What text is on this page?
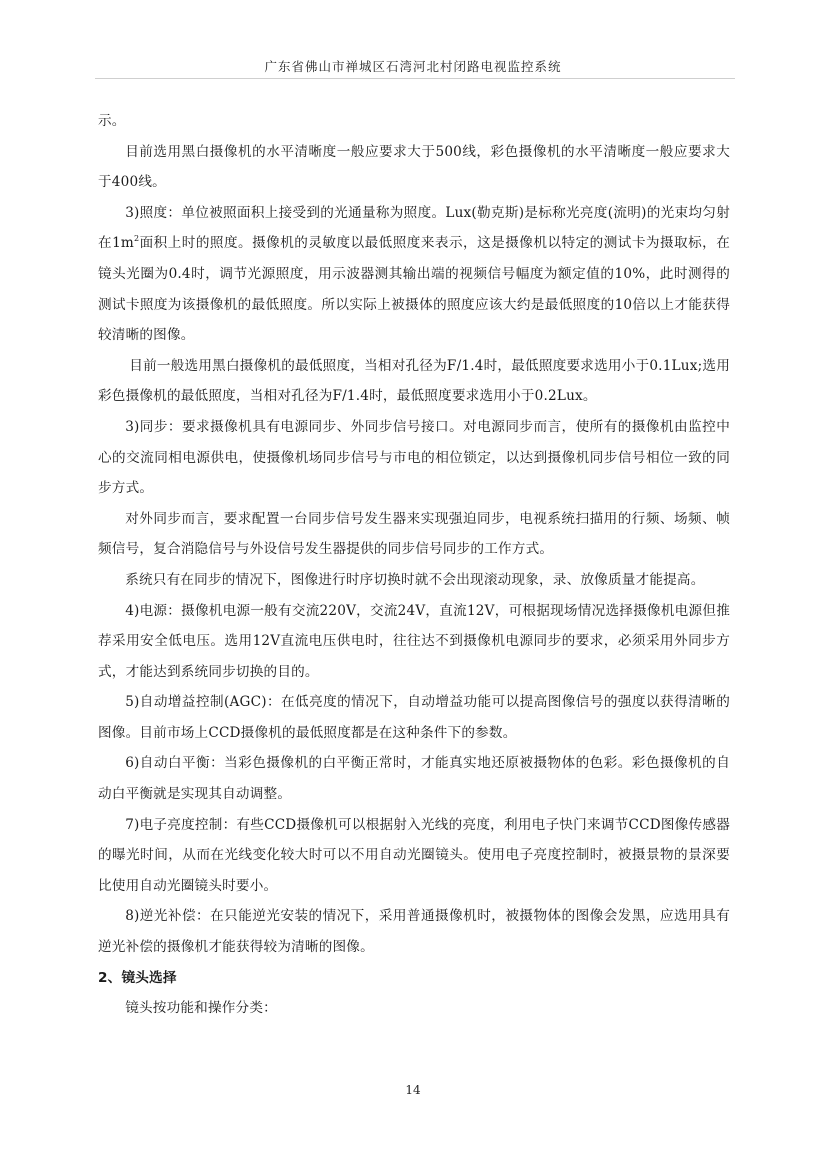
广东省佛山市禅城区石湾河北村闭路电视监控系统

示。

目前选用黑白摄像机的水平清晰度一般应要求大于500线，彩色摄像机的水平清晰度一般应要求大于400线。

3)照度：单位被照面积上接受到的光通量称为照度。Lux(勒克斯)是标称光亮度(流明)的光束均匀射在$1m^2$面积上时的照度。摄像机的灵敏度以最低照度来表示，这是摄像机以特定的测试卡为摄取标，在镜头光圈为0.4时，调节光源照度，用示波器测其输出端的视频信号幅度为额定值的10%，此时测得的测试卡照度为该摄像机的最低照度。所以实际上被摄体的照度应该大约是最低照度的10倍以上才能获得较清晰的图像。

目前一般选用黑白摄像机的最低照度，当相对孔径为F/1.4时，最低照度要求选用小于0.1Lux;选用彩色摄像机的最低照度，当相对孔径为F/1.4时，最低照度要求选用小于0.2Lux。

3)同步：要求摄像机具有电源同步、外同步信号接口。对电源同步而言，使所有的摄像机由监控中心的交流同相电源供电，使摄像机场同步信号与市电的相位锁定，以达到摄像机同步信号相位一致的同步方式。

对外同步而言，要求配置一台同步信号发生器来实现强迫同步，电视系统扫描用的行频、场频、帧频信号，复合消隐信号与外设信号发生器提供的同步信号同步的工作方式。

系统只有在同步的情况下，图像进行时序切换时就不会出现滚动现象，录、放像质量才能提高。

4)电源：摄像机电源一般有交流220V，交流24V，直流12V，可根据现场情况选择摄像机电源但推荐采用安全低电压。选用12V直流电压供电时，往往达不到摄像机电源同步的要求，必须采用外同步方式，才能达到系统同步切换的目的。

5)自动增益控制(AGC)：在低亮度的情况下，自动增益功能可以提高图像信号的强度以获得清晰的图像。目前市场上CCD摄像机的最低照度都是在这种条件下的参数。

6)自动白平衡：当彩色摄像机的白平衡正常时，才能真实地还原被摄物体的色彩。彩色摄像机的自动白平衡就是实现其自动调整。

7)电子亮度控制：有些CCD摄像机可以根据射入光线的亮度，利用电子快门来调节CCD图像传感器的曝光时间，从而在光线变化较大时可以不用自动光圈镜头。使用电子亮度控制时，被摄景物的景深要比使用自动光圈镜头时要小。

8)逆光补偿：在只能逆光安装的情况下，采用普通摄像机时，被摄物体的图像会发黑，应选用具有逆光补偿的摄像机才能获得较为清晰的图像。

2、镜头选择

镜头按功能和操作分类：

14
